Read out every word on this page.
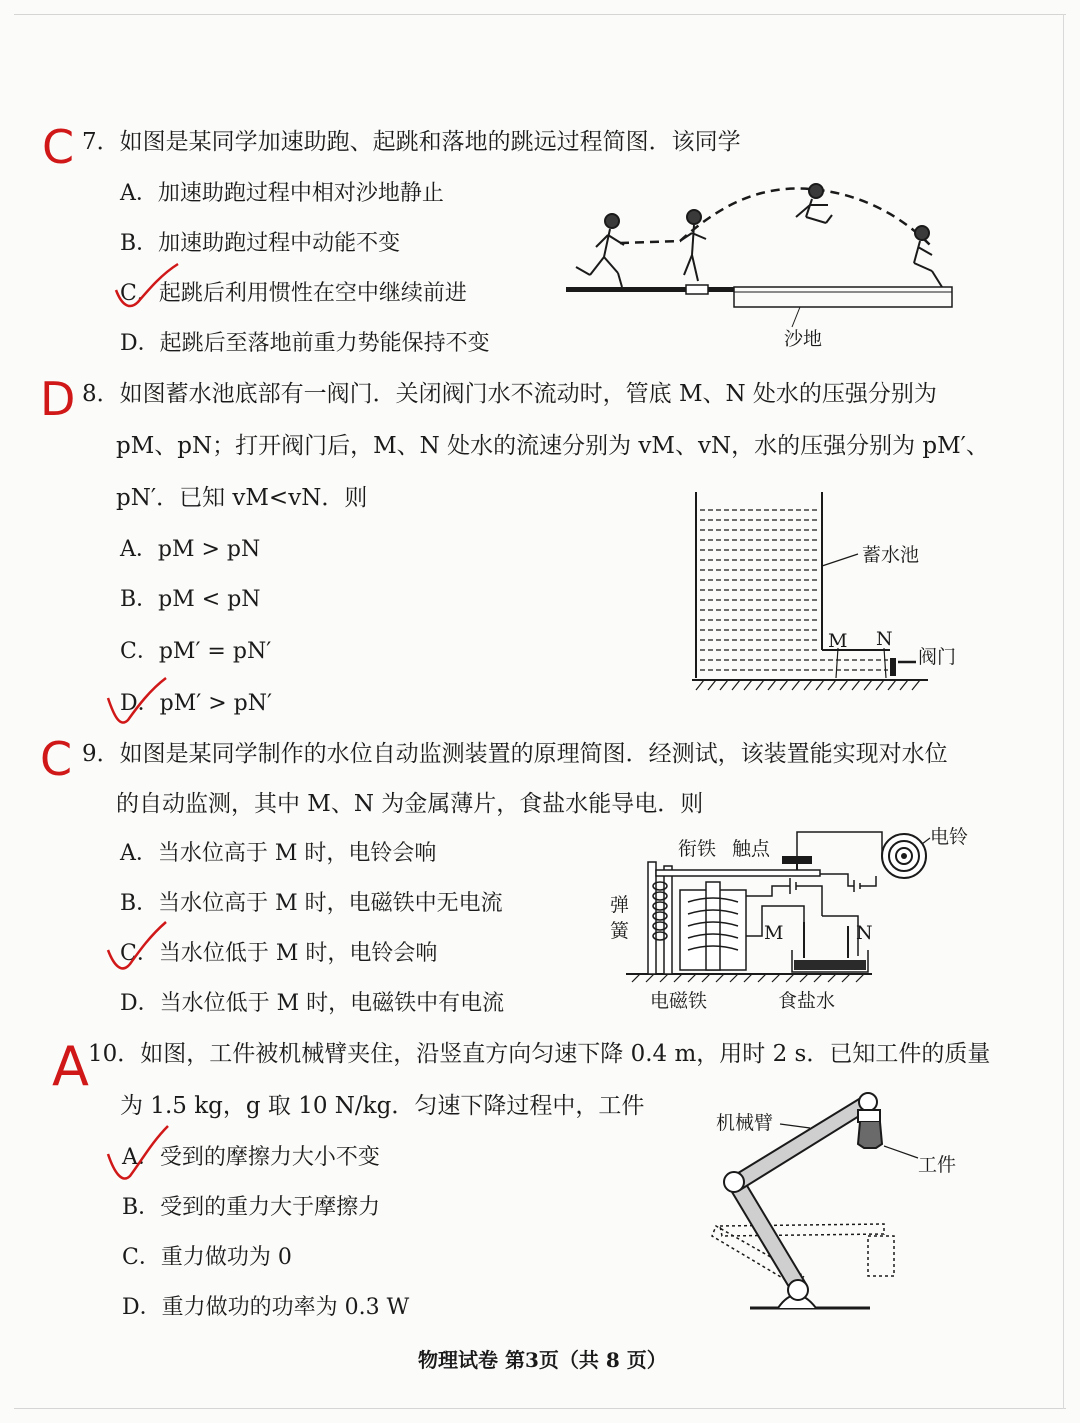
C 7．如图是某同学加速助跑、起跳和落地的跳远过程简图．该同学
A．加速助跑过程中相对沙地静止
B．加速助跑过程中动能不变
C．起跳后利用惯性在空中继续前进
D．起跳后至落地前重力势能保持不变	沙地
D 8．如图蓄水池底部有一阀门．关闭阀门水不流动时，管底 M、N 处水的压强分别为
pM、pN；打开阀门后，M、N 处水的流速分别为 vM、vN，水的压强分别为 pM′、
pN′．已知 vM<vN．则
A．pM > pN
B．pM < pN
C．pM′ = pN′
D．pM′ > pN′
蓄水池
M N
阀门
C 9．如图是某同学制作的水位自动监测装置的原理简图．经测试，该装置能实现对水位
的自动监测，其中 M、N 为金属薄片，食盐水能导电．则
A．当水位高于 M 时，电铃会响
B．当水位高于 M 时，电磁铁中无电流
C．当水位低于 M 时，电铃会响
D．当水位低于 M 时，电磁铁中有电流
衔铁 触点
电铃
弹簧	M	N
电磁铁	食盐水
A 10．如图，工件被机械臂夹住，沿竖直方向匀速下降 0.4 m，用时 2 s．已知工件的质量
为 1.5 kg，g 取 10 N/kg．匀速下降过程中，工件
A．受到的摩擦力大小不变
B．受到的重力大于摩擦力
C．重力做功为 0
D．重力做功的功率为 0.3 W
机械臂
工件
物理试卷 第3页（共 8 页）
